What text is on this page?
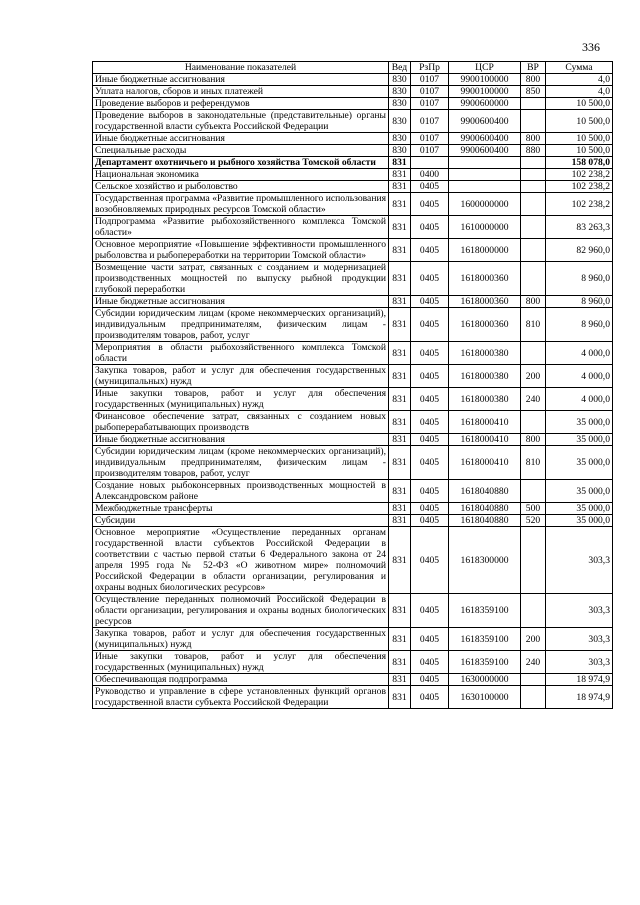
336
Наименование показателей	Вед	РзПр	ЦСР	ВР	Сумма
Иные бюджетные ассигнования	830	0107	9900100000	800	4,0
Уплата налогов, сборов и иных платежей	830	0107	9900100000	850	4,0
Проведение выборов и референдумов	830	0107	9900600000		10 500,0
Проведение выборов в законодательные (представительные) органы государственной власти субъекта Российской Федерации	830	0107	9900600400		10 500,0
Иные бюджетные ассигнования	830	0107	9900600400	800	10 500,0
Специальные расходы	830	0107	9900600400	880	10 500,0
Департамент охотничьего и рыбного хозяйства Томской области	831				158 078,0
Национальная экономика	831	0400			102 238,2
Сельское хозяйство и рыболовство	831	0405			102 238,2
Государственная программа «Развитие промышленного использования возобновляемых природных ресурсов Томской области»	831	0405	1600000000		102 238,2
Подпрограмма «Развитие рыбохозяйственного комплекса Томской области»	831	0405	1610000000		83 263,3
Основное мероприятие «Повышение эффективности промышленного рыболовства и рыбопереработки на территории Томской области»	831	0405	1618000000		82 960,0
Возмещение части затрат, связанных с созданием и модернизацией производственных мощностей по выпуску рыбной продукции глубокой переработки	831	0405	1618000360		8 960,0
Иные бюджетные ассигнования	831	0405	1618000360	800	8 960,0
Субсидии юридическим лицам (кроме некоммерческих организаций), индивидуальным предпринимателям, физическим лицам - производителям товаров, работ, услуг	831	0405	1618000360	810	8 960,0
Мероприятия в области рыбохозяйственного комплекса Томской области	831	0405	1618000380		4 000,0
Закупка товаров, работ и услуг для обеспечения государственных (муниципальных) нужд	831	0405	1618000380	200	4 000,0
Иные закупки товаров, работ и услуг для обеспечения государственных (муниципальных) нужд	831	0405	1618000380	240	4 000,0
Финансовое обеспечение затрат, связанных с созданием новых рыбоперерабатывающих производств	831	0405	1618000410		35 000,0
Иные бюджетные ассигнования	831	0405	1618000410	800	35 000,0
Субсидии юридическим лицам (кроме некоммерческих организаций), индивидуальным предпринимателям, физическим лицам - производителям товаров, работ, услуг	831	0405	1618000410	810	35 000,0
Создание новых рыбоконсервных производственных мощностей в Александровском районе	831	0405	1618040880		35 000,0
Межбюджетные трансферты	831	0405	1618040880	500	35 000,0
Субсидии	831	0405	1618040880	520	35 000,0
Основное мероприятие «Осуществление переданных органам государственной власти субъектов Российской Федерации в соответствии с частью первой статьи 6 Федерального закона от 24 апреля 1995 года № 52-ФЗ «О животном мире» полномочий Российской Федерации в области организации, регулирования и охраны водных биологических ресурсов»	831	0405	1618300000		303,3
Осуществление переданных полномочий Российской Федерации в области организации, регулирования и охраны водных биологических ресурсов	831	0405	1618359100		303,3
Закупка товаров, работ и услуг для обеспечения государственных (муниципальных) нужд	831	0405	1618359100	200	303,3
Иные закупки товаров, работ и услуг для обеспечения государственных (муниципальных) нужд	831	0405	1618359100	240	303,3
Обеспечивающая подпрограмма	831	0405	1630000000		18 974,9
Руководство и управление в сфере установленных функций органов государственной власти субъекта Российской Федерации	831	0405	1630100000		18 974,9
